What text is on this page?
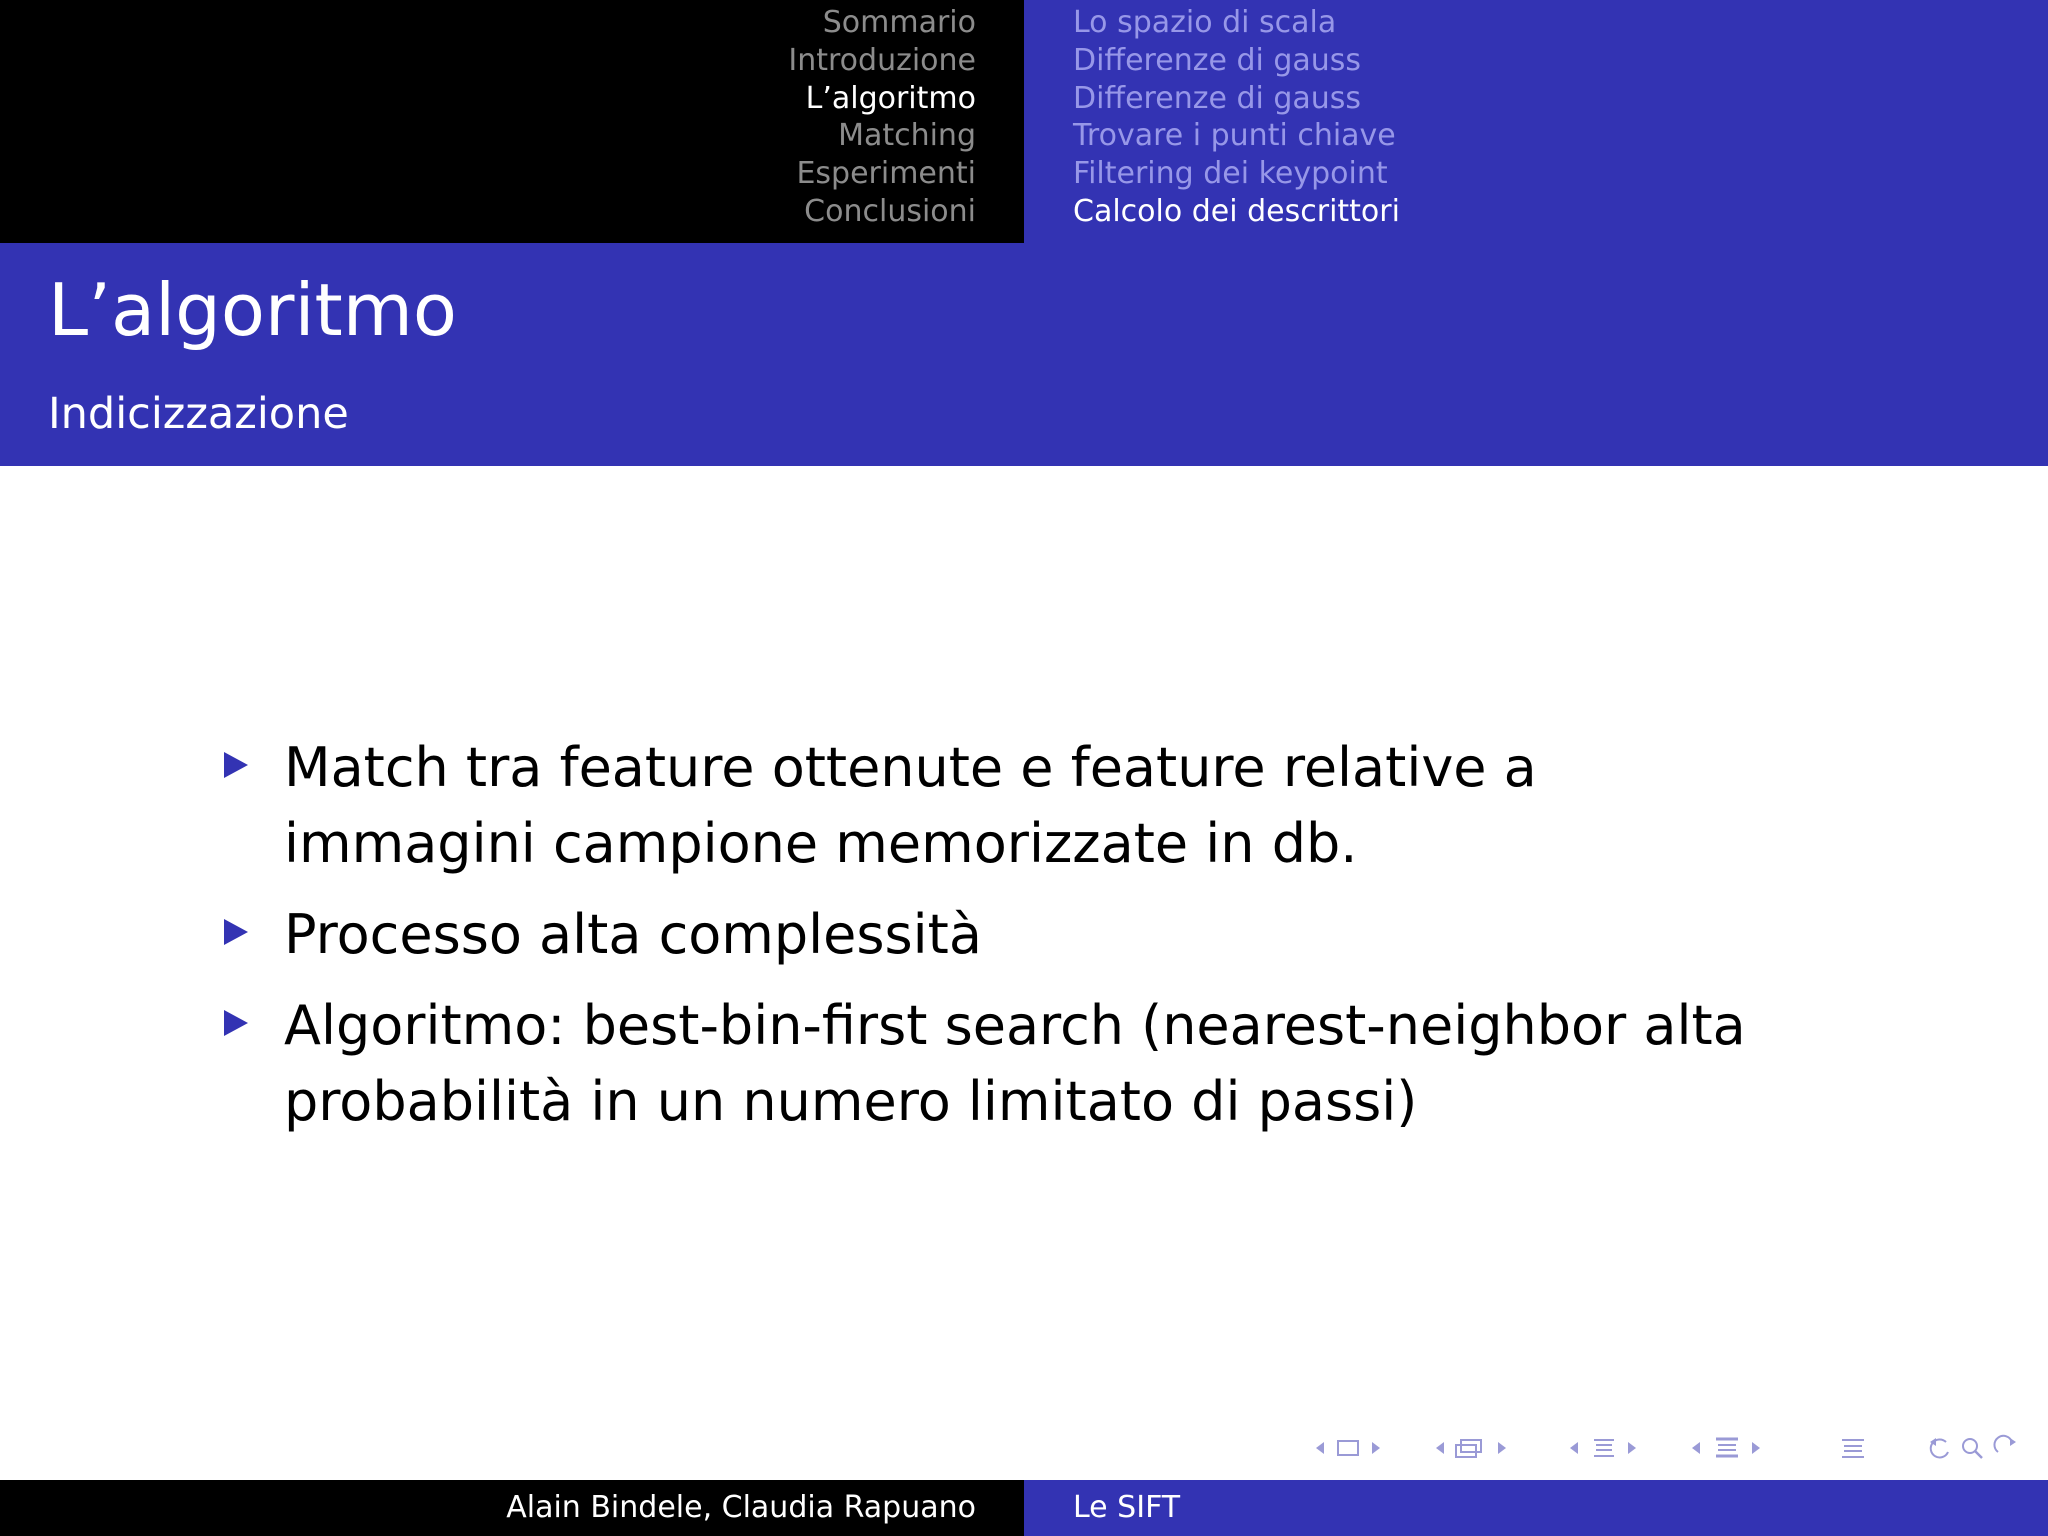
Sommario
Introduzione
L’algoritmo
Matching
Esperimenti
Conclusioni
Lo spazio di scala
Differenze di gauss
Differenze di gauss
Trovare i punti chiave
Filtering dei keypoint
Calcolo dei descrittori
L’algoritmo
Indicizzazione
Match tra feature ottenute e feature relative a immagini campione memorizzate in db.
Processo alta complessità
Algoritmo: best-bin-first search (nearest-neighbor alta probabilità in un numero limitato di passi)
Alain Bindele, Claudia Rapuano	Le SIFT
